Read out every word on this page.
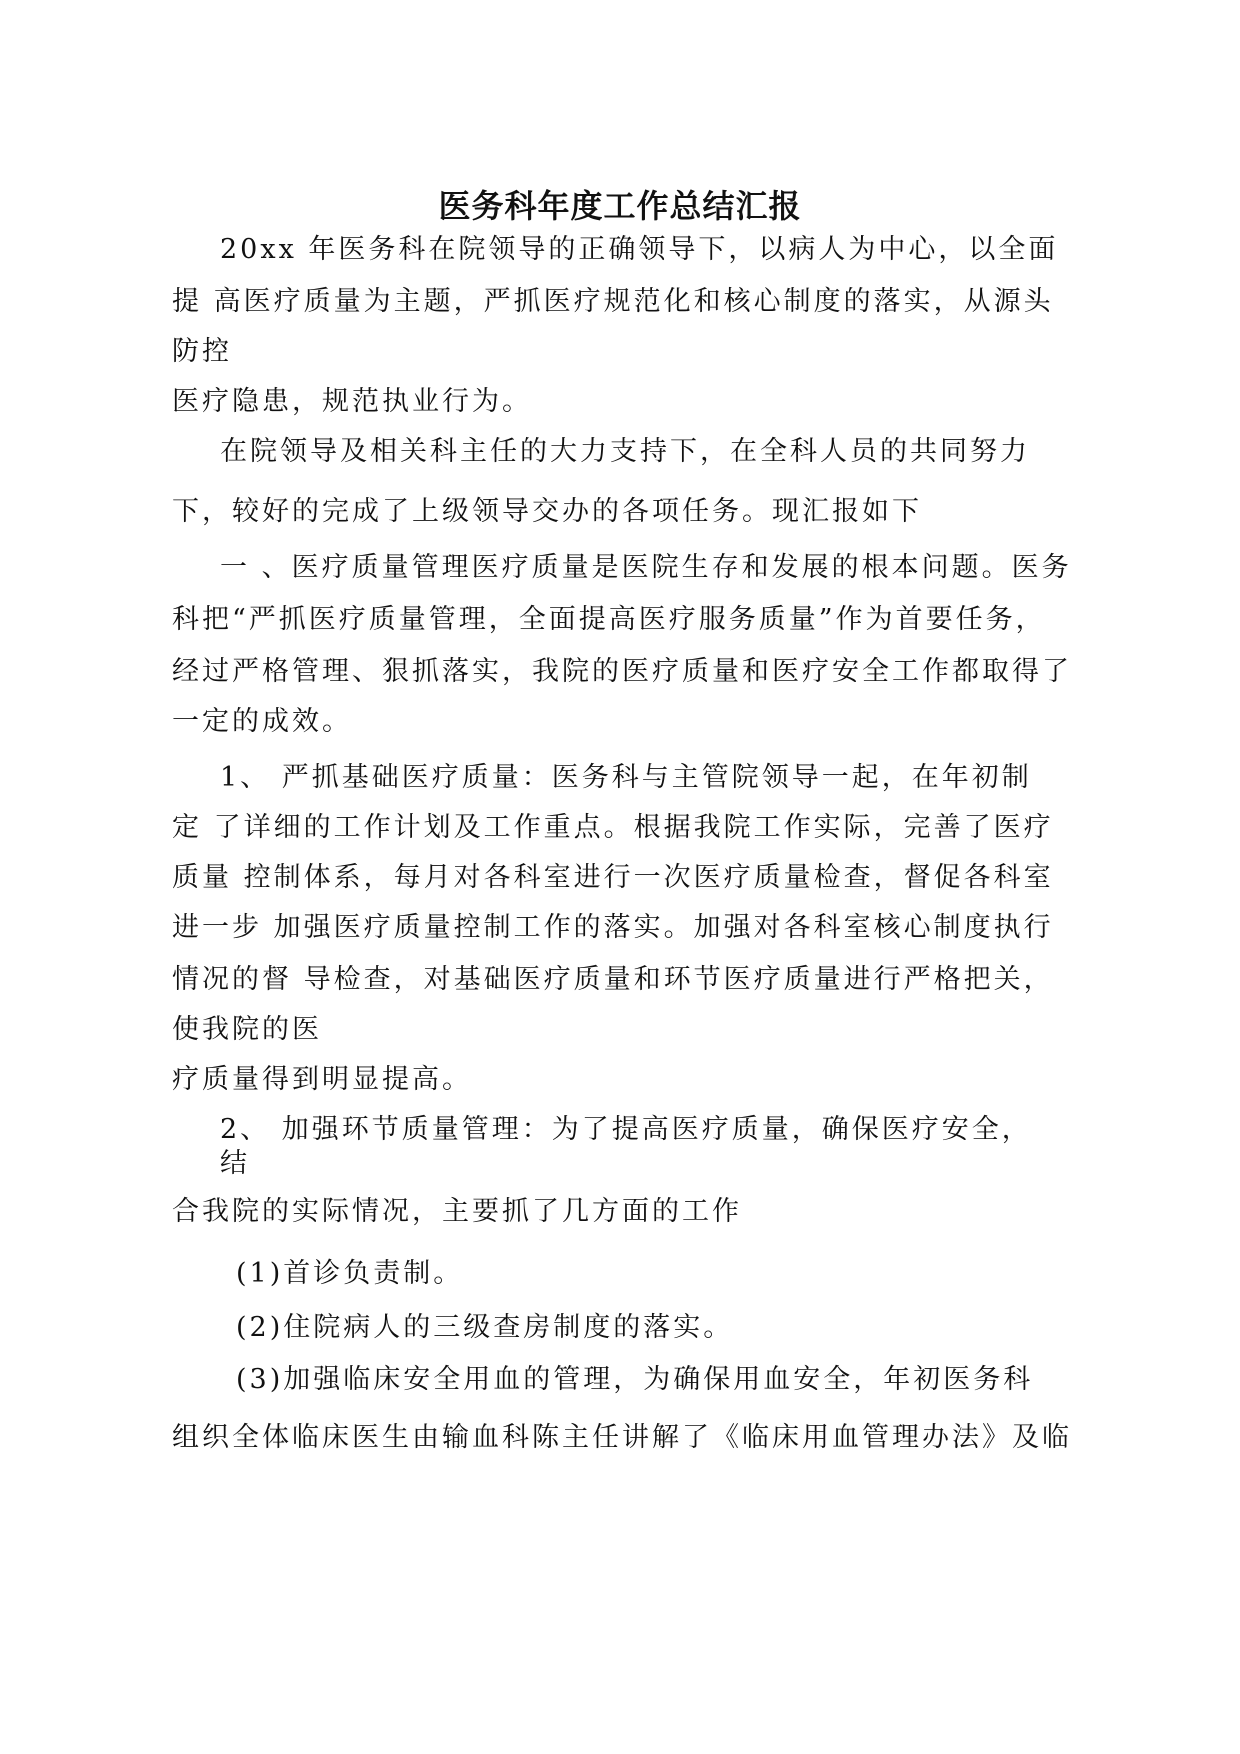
医务科年度工作总结汇报
20xx 年医务科在院领导的正确领导下，以病人为中心，以全面
提 高医疗质量为主题，严抓医疗规范化和核心制度的落实，从源头
防控
医疗隐患，规范执业行为。
在院领导及相关科主任的大力支持下，在全科人员的共同努力
下，较好的完成了上级领导交办的各项任务。现汇报如下
一 、医疗质量管理医疗质量是医院生存和发展的根本问题。医务
科把“严抓医疗质量管理，全面提高医疗服务质量”作为首要任务，
经过严格管理、狠抓落实，我院的医疗质量和医疗安全工作都取得了
一定的成效。
1、 严抓基础医疗质量：医务科与主管院领导一起，在年初制
定 了详细的工作计划及工作重点。根据我院工作实际，完善了医疗
质量 控制体系，每月对各科室进行一次医疗质量检查，督促各科室
进一步 加强医疗质量控制工作的落实。加强对各科室核心制度执行
情况的督 导检查，对基础医疗质量和环节医疗质量进行严格把关，
使我院的医
疗质量得到明显提高。
2、 加强环节质量管理：为了提高医疗质量，确保医疗安全，
结
合我院的实际情况，主要抓了几方面的工作
(1)首诊负责制。
(2)住院病人的三级查房制度的落实。
(3)加强临床安全用血的管理，为确保用血安全，年初医务科
组织全体临床医生由输血科陈主任讲解了《临床用血管理办法》及临
